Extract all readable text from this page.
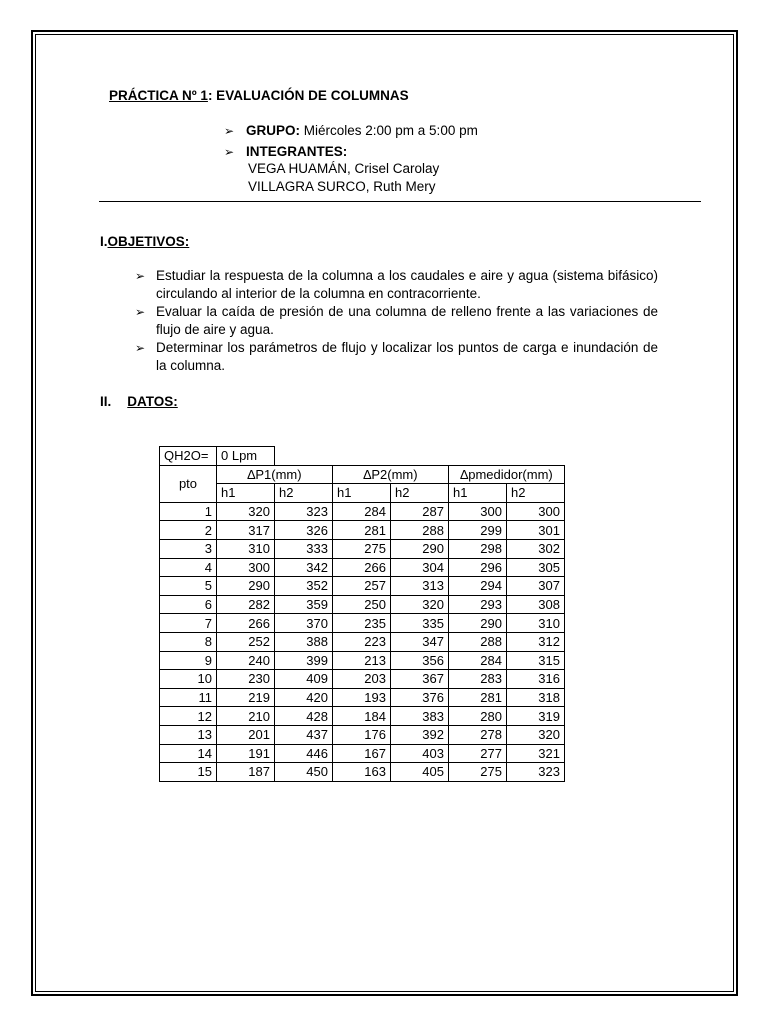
PRÁCTICA Nº 1: EVALUACIÓN DE COLUMNAS
➢ GRUPO: Miércoles 2:00 pm a 5:00 pm
➢ INTEGRANTES:
VEGA HUAMÁN, Crisel Carolay
VILLAGRA SURCO, Ruth Mery
I.OBJETIVOS:
➢ Estudiar la respuesta de la columna a los caudales e aire y agua (sistema bifásico) circulando al interior de la columna en contracorriente.
➢ Evaluar la caída de presión de una columna de relleno frente a las variaciones de flujo de aire y agua.
➢ Determinar los parámetros de flujo y localizar los puntos de carga e inundación de la columna.
II. DATOS:
QH2O=	0 Lpm					
pto	∆P1(mm)		∆P2(mm)		∆pmedidor(mm)	
	h1	h2	h1	h2	h1	h2
1	320	323	284	287	300	300
2	317	326	281	288	299	301
3	310	333	275	290	298	302
4	300	342	266	304	296	305
5	290	352	257	313	294	307
6	282	359	250	320	293	308
7	266	370	235	335	290	310
8	252	388	223	347	288	312
9	240	399	213	356	284	315
10	230	409	203	367	283	316
11	219	420	193	376	281	318
12	210	428	184	383	280	319
13	201	437	176	392	278	320
14	191	446	167	403	277	321
15	187	450	163	405	275	323
